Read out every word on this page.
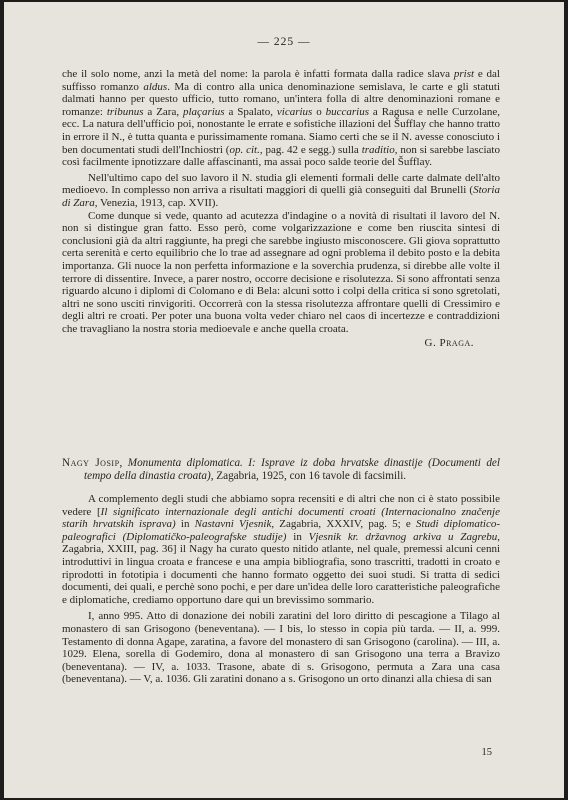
— 225 —

che il solo nome, anzi la metà del nome: la parola è infatti formata dalla radice slava prist e dal suffisso romanzo aldus. Ma di contro alla unica denominazione semislava, le carte e gli statuti dalmati hanno per questo ufficio, tutto romano, un'intera folla di altre denominazioni romane e romanze: tribunus a Zara, plaçarius a Spalato, vicarius o buccarius a Ragusa e nelle Curzolane, ecc. La natura dell'ufficio poi, nonostante le errate e sofistiche illazioni del Šufflay che hanno tratto in errore il N., è tutta quanta e purissimamente romana. Siamo certi che se il N. avesse conosciuto i ben documentati studi dell'Inchiostri (op. cit., pag. 42 e segg.) sulla traditio, non si sarebbe lasciato così facilmente ipnotizzare dalle affascinanti, ma assai poco salde teorie del Šufflay.

Nell'ultimo capo del suo lavoro il N. studia gli elementi formali delle carte dalmate dell'alto medioevo. In complesso non arriva a risultati maggiori di quelli già conseguiti dal Brunelli (Storia di Zara, Venezia, 1913, cap. XVII).

Come dunque si vede, quanto ad acutezza d'indagine o a novità di risultati il lavoro del N. non si distingue gran fatto. Esso però, come volgarizzazione e come ben riuscita sintesi di conclusioni già da altri raggiunte, ha pregi che sarebbe ingiusto misconoscere. Gli giova soprattutto certa serenità e certo equilibrio che lo trae ad assegnare ad ogni problema il debito posto e la debita importanza. Gli nuoce la non perfetta informazione e la soverchia prudenza, si direbbe alle volte il terrore di dissentire. Invece, a parer nostro, occorre decisione e risolutezza. Si sono affrontati senza riguardo alcuno i diplomi di Colomano e di Bela: alcuni sotto i colpi della critica si sono sgretolati, altri ne sono usciti rinvigoriti. Occorrerà con la stessa risolutezza affrontare quelli di Cressimiro e degli altri re croati. Per poter una buona volta veder chiaro nel caos di incertezze e contraddizioni che travagliano la nostra storia medioevale e anche quella croata.

G. Praga.

Nagy Josip, Monumenta diplomatica. I: Isprave iz doba hrvatske dinastije (Documenti del tempo della dinastia croata), Zagabria, 1925, con 16 tavole di facsimili.

A complemento degli studi che abbiamo sopra recensiti e di altri che non ci è stato possibile vedere [Il significato internazionale degli antichi documenti croati (Internacionalno značenje starih hrvatskih isprava) in Nastavni Vjesnik, Zagabria, XXXIV, pag. 5; e Studi diplomatico-paleografici (Diplomatičko-paleografske studije) in Vjesnik kr. državnog arkiva u Zagrebu, Zagabria, XXIII, pag. 36] il Nagy ha curato questo nitido atlante, nel quale, premessi alcuni cenni introduttivi in lingua croata e francese e una ampia bibliografia, sono trascritti, tradotti in croato e riprodotti in fototipia i documenti che hanno formato oggetto dei suoi studi. Si tratta di sedici documenti, dei quali, e perchè sono pochi, e per dare un'idea delle loro caratteristiche paleografiche e diplomatiche, crediamo opportuno dare qui un brevissimo sommario.

I, anno 995. Atto di donazione dei nobili zaratini del loro diritto di pescagione a Tilago al monastero di san Grisogono (beneventana). — I bis, lo stesso in copia più tarda. — II, a. 999. Testamento di donna Agape, zaratina, a favore del monastero di san Grisogono (carolina). — III, a. 1029. Elena, sorella di Godemiro, dona al monastero di san Grisogono una terra a Bravizo (beneventana). — IV, a. 1033. Trasone, abate di s. Grisogono, permuta a Zara una casa (beneventana). — V, a. 1036. Gli zaratini donano a s. Grisogono un orto dinanzi alla chiesa di san

15
